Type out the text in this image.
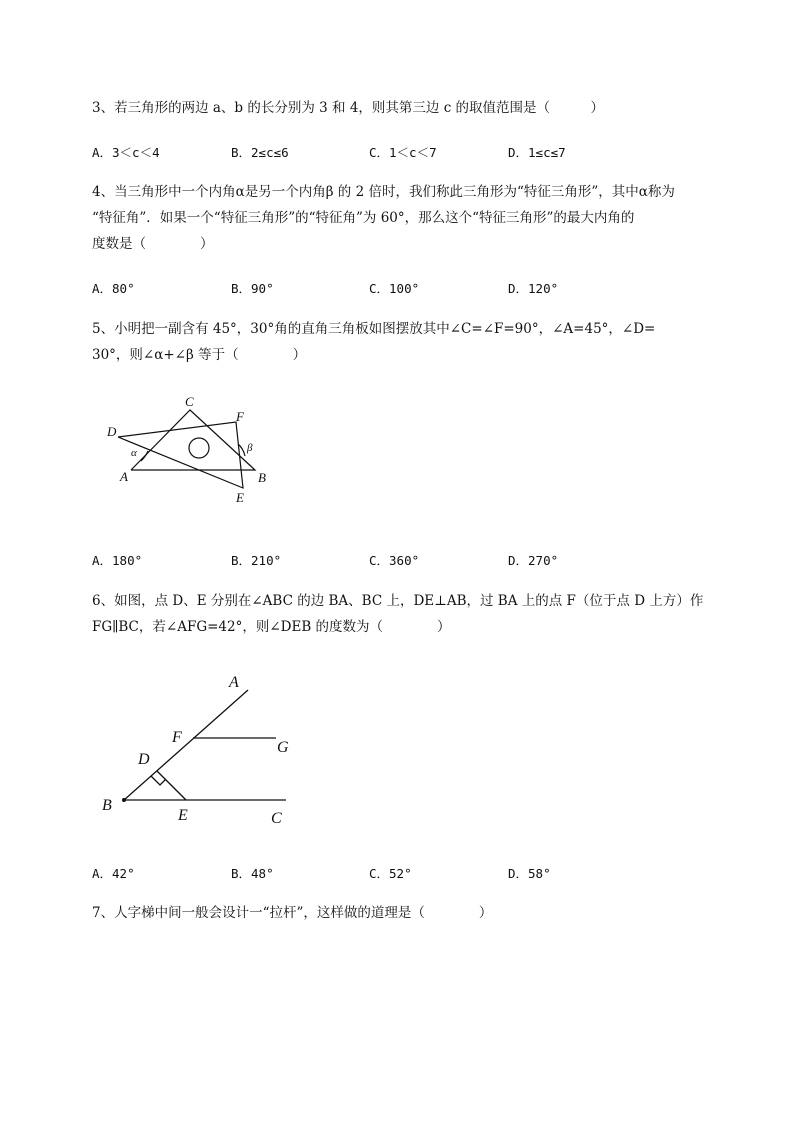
3、若三角形的两边 a、b 的长分别为 3 和 4，则其第三边 c 的取值范围是（　　　）
A．3＜c＜4	B．2≤c≤6	C．1＜c＜7	D．1≤c≤7
4、当三角形中一个内角α是另一个内角β 的 2 倍时，我们称此三角形为“特征三角形”，其中α称为
“特征角”．如果一个“特征三角形”的“特征角”为 60°，那么这个“特征三角形”的最大内角的
度数是（　　　　）
A．80°	B．90°	C．100°	D．120°
5、小明把一副含有 45°，30°角的直角三角板如图摆放其中∠C=∠F=90°，∠A=45°，∠D=
30°，则∠α+∠β 等于（　　　　）
C
F
D
α	β
A	B
E
A．180°	B．210°	C．360°	D．270°
6、如图，点 D、E 分别在∠ABC 的边 BA、BC 上，DE⊥AB，过 BA 上的点 F（位于点 D 上方）作
FG∥BC，若∠AFG=42°，则∠DEB 的度数为（　　　　）
A
F
G
D
B
E	C
A．42°	B．48°	C．52°	D．58°
7、人字梯中间一般会设计一“拉杆”，这样做的道理是（　　　　）
